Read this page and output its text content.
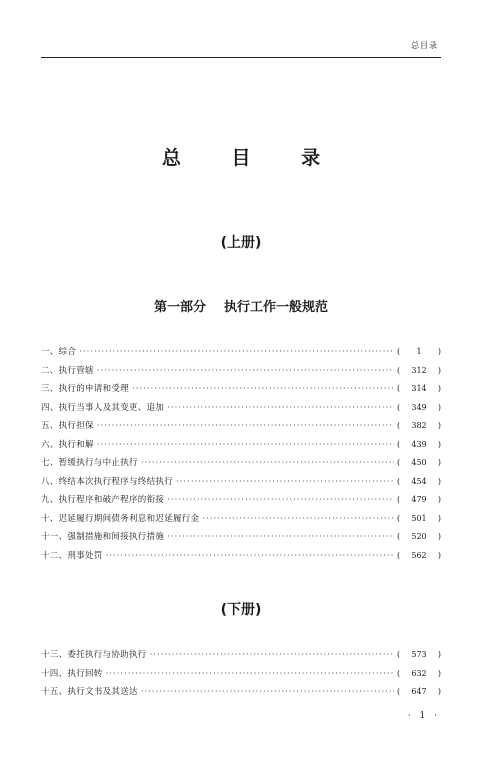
总目录
总 目 录
(上册)
第一部分 执行工作一般规范
一、综合 ·····	(	1	)
二、执行管辖 ·····	(	312	)
三、执行的申请和受理 ·····	(	314	)
四、执行当事人及其变更、追加 ·····	(	349	)
五、执行担保 ·····	(	382	)
六、执行和解 ·····	(	439	)
七、暂缓执行与中止执行 ·····	(	450	)
八、终结本次执行程序与终结执行 ·····	(	454	)
九、执行程序和破产程序的衔接 ·····	(	479	)
十、迟延履行期间债务利息和迟延履行金 ·····	(	501	)
十一、强制措施和间接执行措施 ·····	(	520	)
十二、刑事处罚 ·····	(	562	)
(下册)
十三、委托执行与协助执行 ·····	(	573	)
十四、执行回转 ·····	(	632	)
十五、执行文书及其送达 ·····	(	647	)
· 1 ·
